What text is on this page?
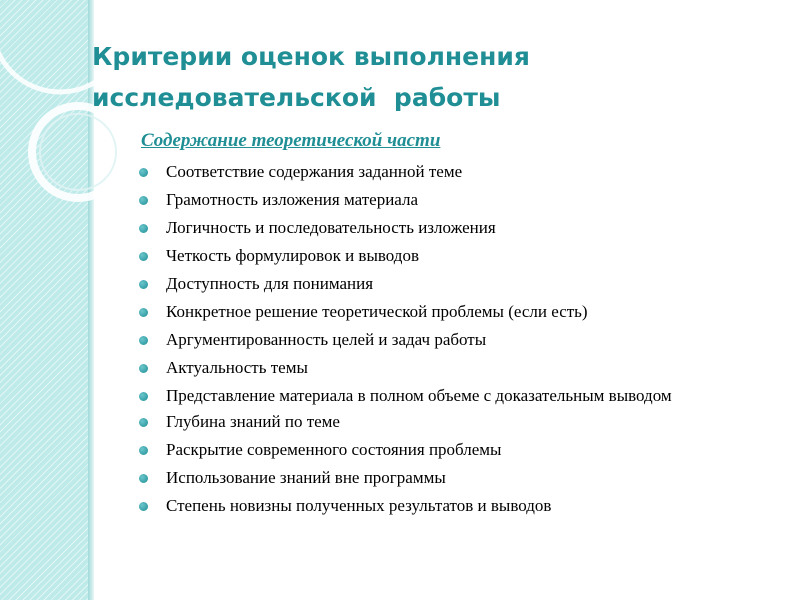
Критерии оценок выполнения
исследовательской  работы
Содержание теоретической части
Соответствие содержания заданной теме
Грамотность изложения материала
Логичность и последовательность изложения
Четкость формулировок и выводов
Доступность для понимания
Конкретное решение теоретической проблемы (если есть)
Аргументированность целей и задач работы
Актуальность темы
Представление материала в полном объеме с доказательным выводом
Глубина знаний по теме
Раскрытие современного состояния проблемы
Использование знаний вне программы
Степень новизны полученных результатов и выводов
